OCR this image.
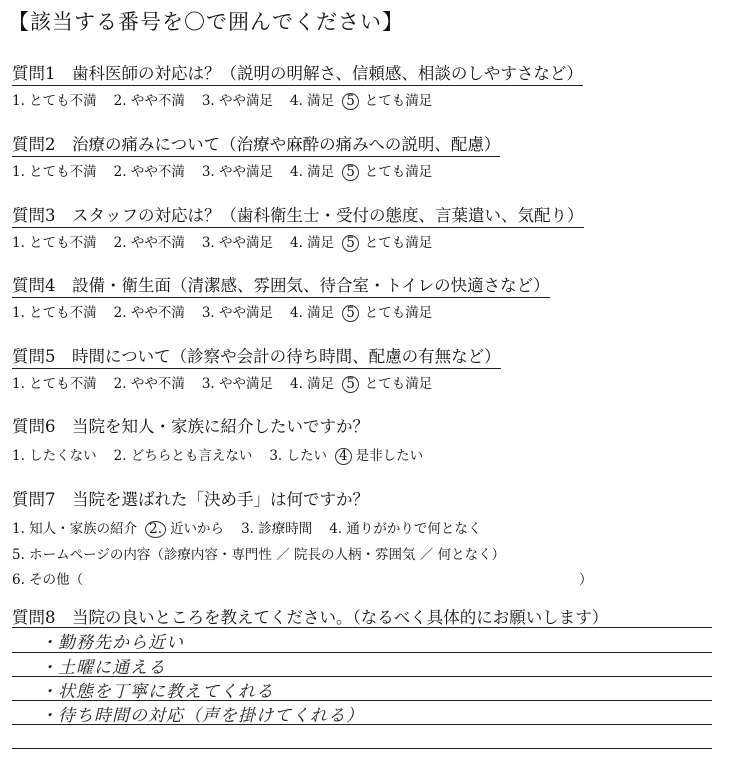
【該当する番号を〇で囲んでください】
質問1　歯科医師の対応は？（説明の明解さ、信頼感、相談のしやすさなど）
1. とても不満 2. やや不満 3. やや満足 4. 満足 5 とても満足
質問2　治療の痛みについて（治療や麻酔の痛みへの説明、配慮）
1. とても不満 2. やや不満 3. やや満足 4. 満足 5 とても満足
質問3　スタッフの対応は？（歯科衛生士・受付の態度、言葉遣い、気配り）
1. とても不満 2. やや不満 3. やや満足 4. 満足 5 とても満足
質問4　設備・衛生面（清潔感、雰囲気、待合室・トイレの快適さなど）
1. とても不満 2. やや不満 3. やや満足 4. 満足 5 とても満足
質問5　時間について（診察や会計の待ち時間、配慮の有無など）
1. とても不満 2. やや不満 3. やや満足 4. 満足 5 とても満足
質問6　当院を知人・家族に紹介したいですか？
1. したくない 2. どちらとも言えない 3. したい 4 是非したい
質問7　当院を選ばれた「決め手」は何ですか？
1. 知人・家族の紹介 2. 近いから 3. 診療時間 4. 通りがかりで何となく
5. ホームページの内容（診療内容・専門性 ／ 院長の人柄・雰囲気 ／ 何となく）
6. その他（	）
質問8　当院の良いところを教えてください。（なるべく具体的にお願いします）
・勤務先から近い
・土曜に通える
・状態を丁寧に教えてくれる
・待ち時間の対応（声を掛けてくれる）
